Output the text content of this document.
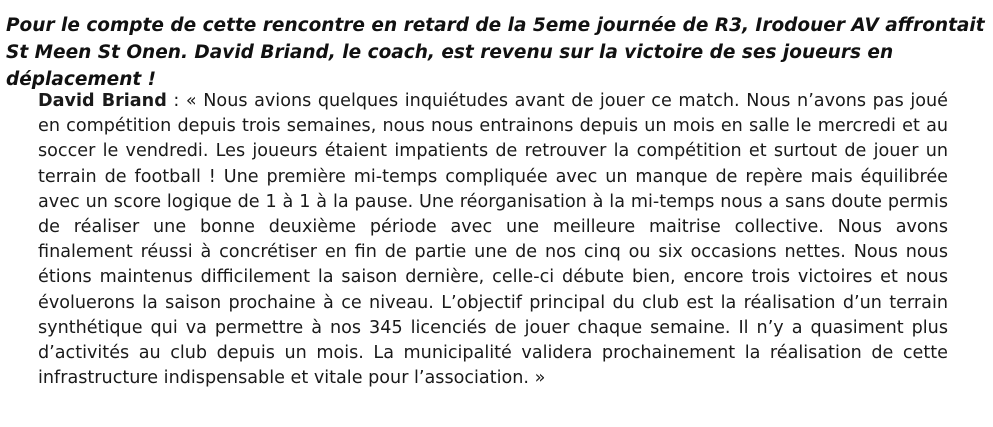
Pour le compte de cette rencontre en retard de la 5eme journée de R3, Irodouer AV affrontait St Meen St Onen. David Briand, le coach, est revenu sur la victoire de ses joueurs en déplacement !

David Briand : « Nous avions quelques inquiétudes avant de jouer ce match. Nous n’avons pas joué en compétition depuis trois semaines, nous nous entrainons depuis un mois en salle le mercredi et au soccer le vendredi. Les joueurs étaient impatients de retrouver la compétition et surtout de jouer un terrain de football ! Une première mi-temps compliquée avec un manque de repère mais équilibrée avec un score logique de 1 à 1 à la pause. Une réorganisation à la mi-temps nous a sans doute permis de réaliser une bonne deuxième période avec une meilleure maitrise collective. Nous avons finalement réussi à concrétiser en fin de partie une de nos cinq ou six occasions nettes. Nous nous étions maintenus difficilement la saison dernière, celle-ci débute bien, encore trois victoires et nous évoluerons la saison prochaine à ce niveau. L’objectif principal du club est la réalisation d’un terrain synthétique qui va permettre à nos 345 licenciés de jouer chaque semaine. Il n’y a quasiment plus d’activités au club depuis un mois. La municipalité validera prochainement la réalisation de cette infrastructure indispensable et vitale pour l’association. »
